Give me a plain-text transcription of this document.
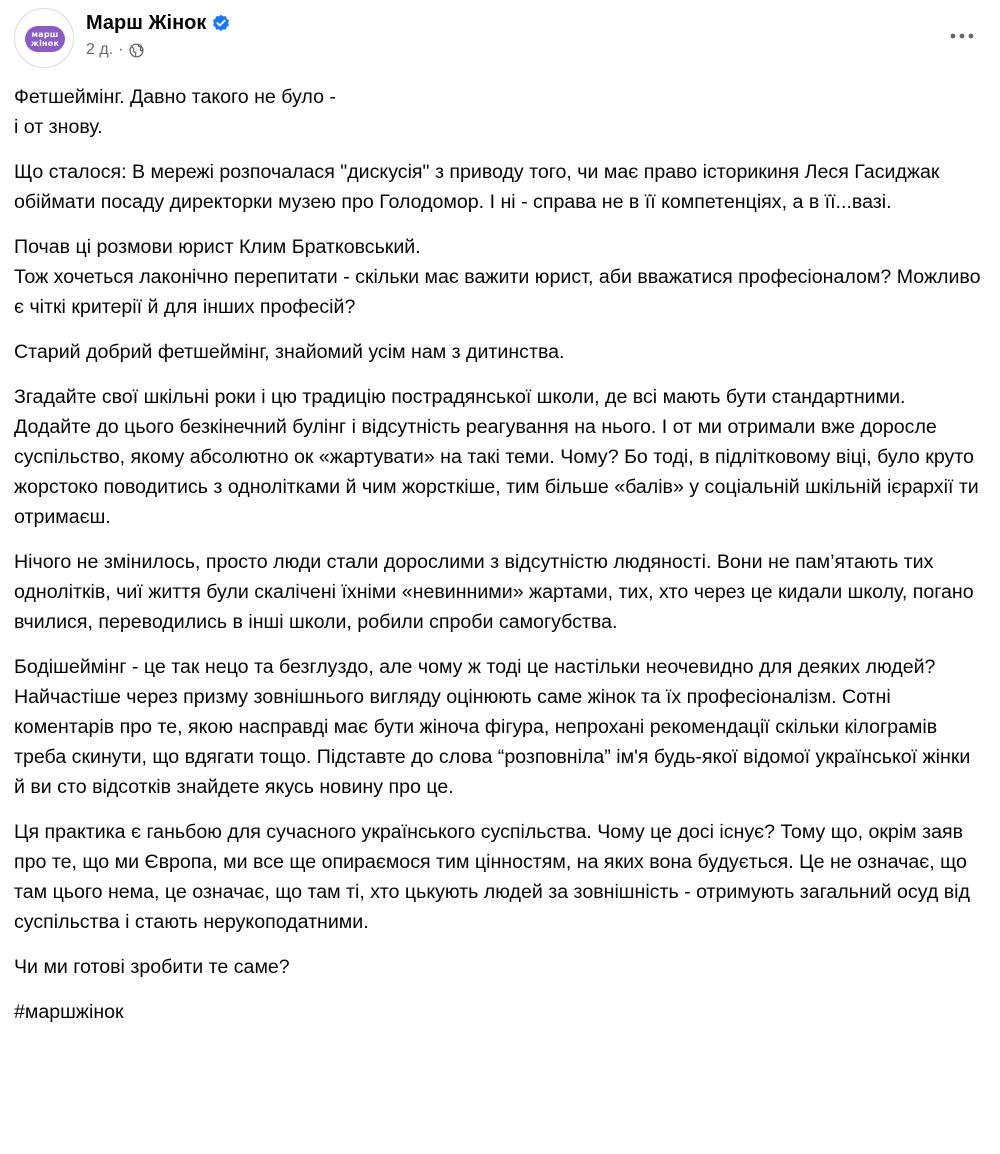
марш
жінок
Марш Жінок
2 д. ·

Фетшеймінг. Давно такого не було -
і от знову.

Що сталося: В мережі розпочалася "дискусія" з приводу того, чи має право історикиня Леся Гасиджак обіймати посаду директорки музею про Голодомор. І ні - справа не в її компетенціях, а в її...вазі.

Почав ці розмови юрист Клим Братковський.
Тож хочеться лаконічно перепитати - скільки має важити юрист, аби вважатися професіоналом? Можливо є чіткі критерії й для інших професій?

Старий добрий фетшеймінг, знайомий усім нам з дитинства.

Згадайте свої шкільні роки і цю традицію пострадянської школи, де всі мають бути стандартними. Додайте до цього безкінечний булінг і відсутність реагування на нього. І от ми отримали вже доросле суспільство, якому абсолютно ок «жартувати» на такі теми. Чому? Бо тоді, в підлітковому віці, було круто жорстоко поводитись з однолітками й чим жорсткіше, тим більше «балів» у соціальній шкільній ієрархії ти отримаєш.

Нічого не змінилось, просто люди стали дорослими з відсутністю людяності. Вони не пам’ятають тих однолітків, чиї життя були скалічені їхніми «невинними» жартами, тих, хто через це кидали школу, погано вчилися, переводились в інші школи, робили спроби самогубства.

Бодішеймінг - це так нецо та безглуздо, але чому ж тоді це настільки неочевидно для деяких людей?
Найчастіше через призму зовнішнього вигляду оцінюють саме жінок та їх професіоналізм. Сотні коментарів про те, якою насправді має бути жіноча фігура, непрохані рекомендації скільки кілограмів треба скинути, що вдягати тощо. Підставте до слова “розповніла” ім'я будь-якої відомої української жінки й ви сто відсотків знайдете якусь новину про це.

Ця практика є ганьбою для сучасного українського суспільства. Чому це досі існує? Тому що, окрім заяв про те, що ми Європа, ми все ще опираємося тим цінностям, на яких вона будується. Це не означає, що там цього нема, це означає, що там ті, хто цькують людей за зовнішність - отримують загальний осуд від суспільства і стають нерукоподатними.

Чи ми готові зробити те саме?

#маршжінок
